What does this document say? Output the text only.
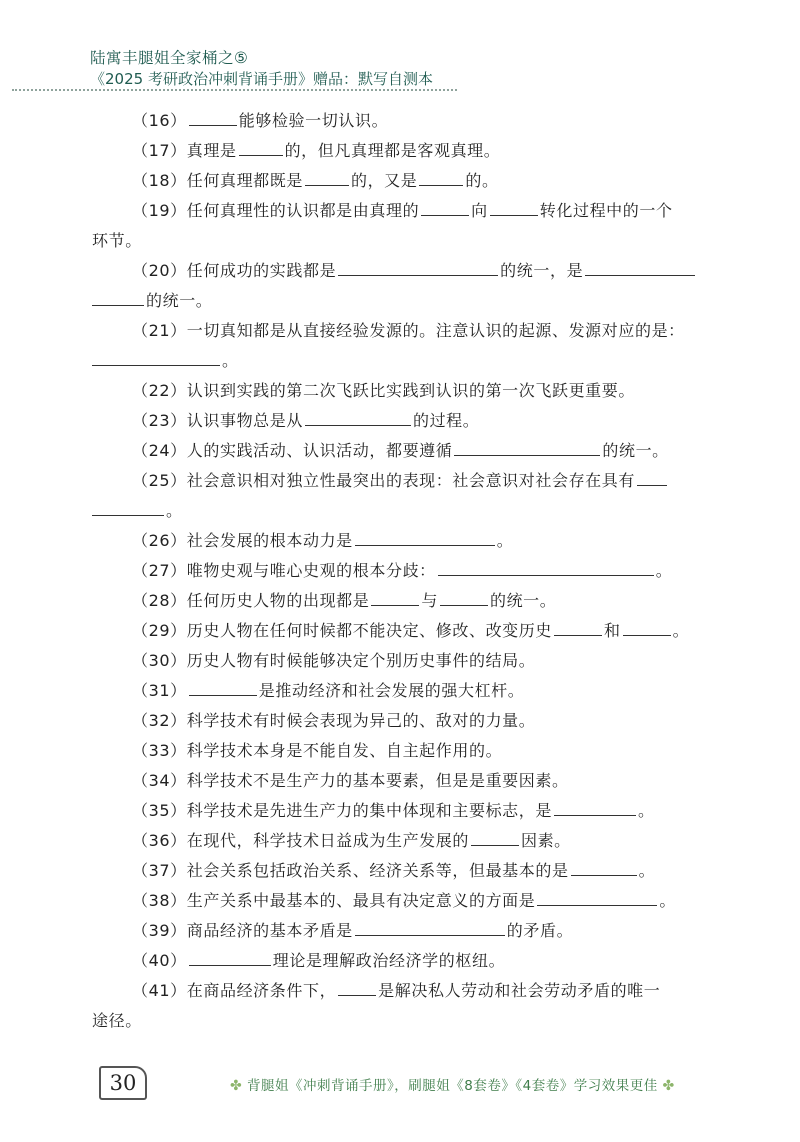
陆寓丰腿姐全家桶之⑤
《2025 考研政治冲刺背诵手册》赠品：默写自测本
（16）	能够检验一切认识。
（17）真理是	的，但凡真理都是客观真理。
（18）任何真理都既是	的，又是	的。
（19）任何真理性的认识都是由真理的	向	转化过程中的一个
环节。
（20）任何成功的实践都是	的统一，是
的统一。
（21）一切真知都是从直接经验发源的。注意认识的起源、发源对应的是：
。
（22）认识到实践的第二次飞跃比实践到认识的第一次飞跃更重要。
（23）认识事物总是从	的过程。
（24）人的实践活动、认识活动，都要遵循	的统一。
（25）社会意识相对独立性最突出的表现：社会意识对社会存在具有
。
（26）社会发展的根本动力是	。
（27）唯物史观与唯心史观的根本分歧：	。
（28）任何历史人物的出现都是	与	的统一。
（29）历史人物在任何时候都不能决定、修改、改变历史	和	。
（30）历史人物有时候能够决定个别历史事件的结局。
（31）	是推动经济和社会发展的强大杠杆。
（32）科学技术有时候会表现为异己的、敌对的力量。
（33）科学技术本身是不能自发、自主起作用的。
（34）科学技术不是生产力的基本要素，但是是重要因素。
（35）科学技术是先进生产力的集中体现和主要标志，是	。
（36）在现代，科学技术日益成为生产发展的	因素。
（37）社会关系包括政治关系、经济关系等，但最基本的是	。
（38）生产关系中最基本的、最具有决定意义的方面是	。
（39）商品经济的基本矛盾是	的矛盾。
（40）	理论是理解政治经济学的枢纽。
（41）在商品经济条件下，	是解决私人劳动和社会劳动矛盾的唯一
途径。
30	✤ 背腿姐《冲刺背诵手册》，刷腿姐《8套卷》《4套卷》学习效果更佳 ✤
